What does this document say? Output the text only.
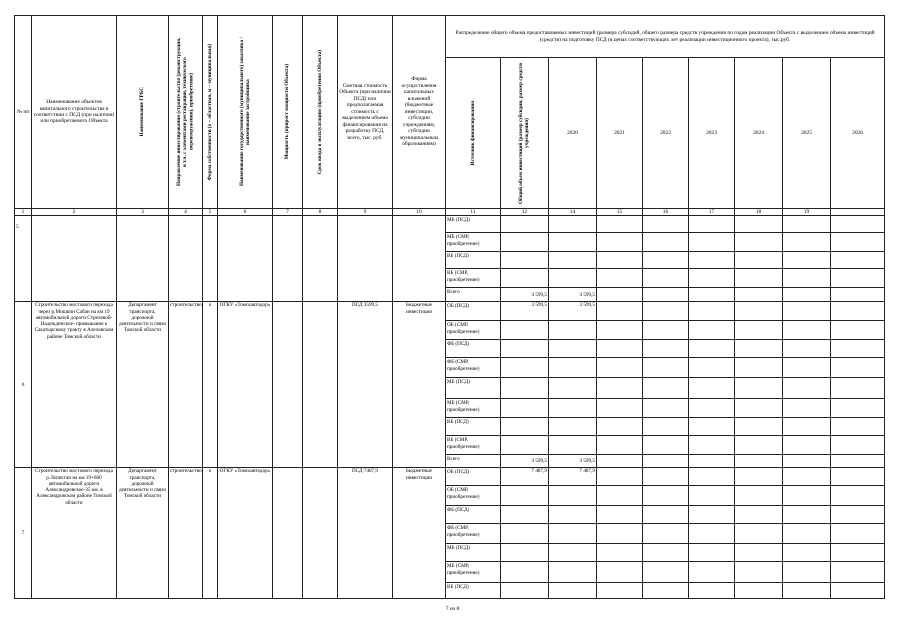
№ пп	Наименование объектов капитального строительства в соответствии с ПСД (при наличии) или приобретаемого Объекта	Наименование ГРБС	Направление инвестирования (строительство (реконструкция, в т.ч. с элементами реставрации, технического перевооружения), приобретение)	Форма собственности (о – областная, м – муниципальная)	Наименование государственного (муниципального) заказчика / наименование застройщика	Мощность (прирост мощности Объекта)	Срок ввода в эксплуатацию (приобретения Объекта)	Сметная стоимость Объекта (при наличии ПСД) или предполагаемая стоимость с выделением объема финансирования на разработку ПСД, всего, тыс. руб.	Форма осуществления капитальных вложений (бюджетные инвестиции, субсидии учреждениям, субсидии муниципальным образованиям)	Распределение общего объема предоставляемых инвестиций (размера субсидий, общего размера средств учреждения по годам реализации Объекта с выделением объема инвестиций (средств) на подготовку ПСД (в ценах соответствующих лет реализации инвестиционного проекта), тыс.руб.								

										Источник финансирования	Общий объем инвестиций (размер субсидии, размер средств учреждения)	2020	2021	2022	2023	2024	2025	2026
1	2	3	4	5	6	7	8	9	10	11	12	14	15	16	17	18	19	

5										МБ (ПСД)								
										МБ (СМР, приобретение)								
										ВБ (ПСД)								
										ВБ (СМР, приобретение)								
										Всего	3 599,5	3 599,5						
6	Строительство мостового перехода через р.Мишкин Сабан на км 19 автомобильной дороги Стрелевой-Надеждинское- примыкание к Сакатырскому тракту в Алеховском районе Томской области	Департамент транспорта, дорожной деятельности и связи Томской области	строительство	о	ОГКУ «Томскавтодор»			ПСД 3599,5	Бюджетные инвестиции	ОБ (ПСД)	3 599,5	3 599,5						
										ОБ (СМР, приобретение)								
										ФБ (ПСД)								
										ФБ (СМР, приобретение)								
										МБ (ПСД)								
										МБ (СМР, приобретение)								
										ВБ (ПСД)								
										ВБ (СМР, приобретение)								
										Всего	3 599,5	3 599,5						
7	Строительство мостового перехода р.Леписган на км 19+600 автомобильной дороги Александровское-35 км. в Александровском районе Томской области	Департамент транспорта, дорожной деятельности и связи Томской области	строительство	о	ОГКУ «Томскавтодор»			ПСД 7487,9	Бюджетные инвестиции	ОБ (ПСД)	7 487,9	7 487,9						
										ОБ (СМР, приобретение)								
										ФБ (ПСД)								
										ФБ (СМР, приобретение)								
										МБ (ПСД)								
										МБ (СМР, приобретение)								
										ВБ (ПСД)								
7 из 8
